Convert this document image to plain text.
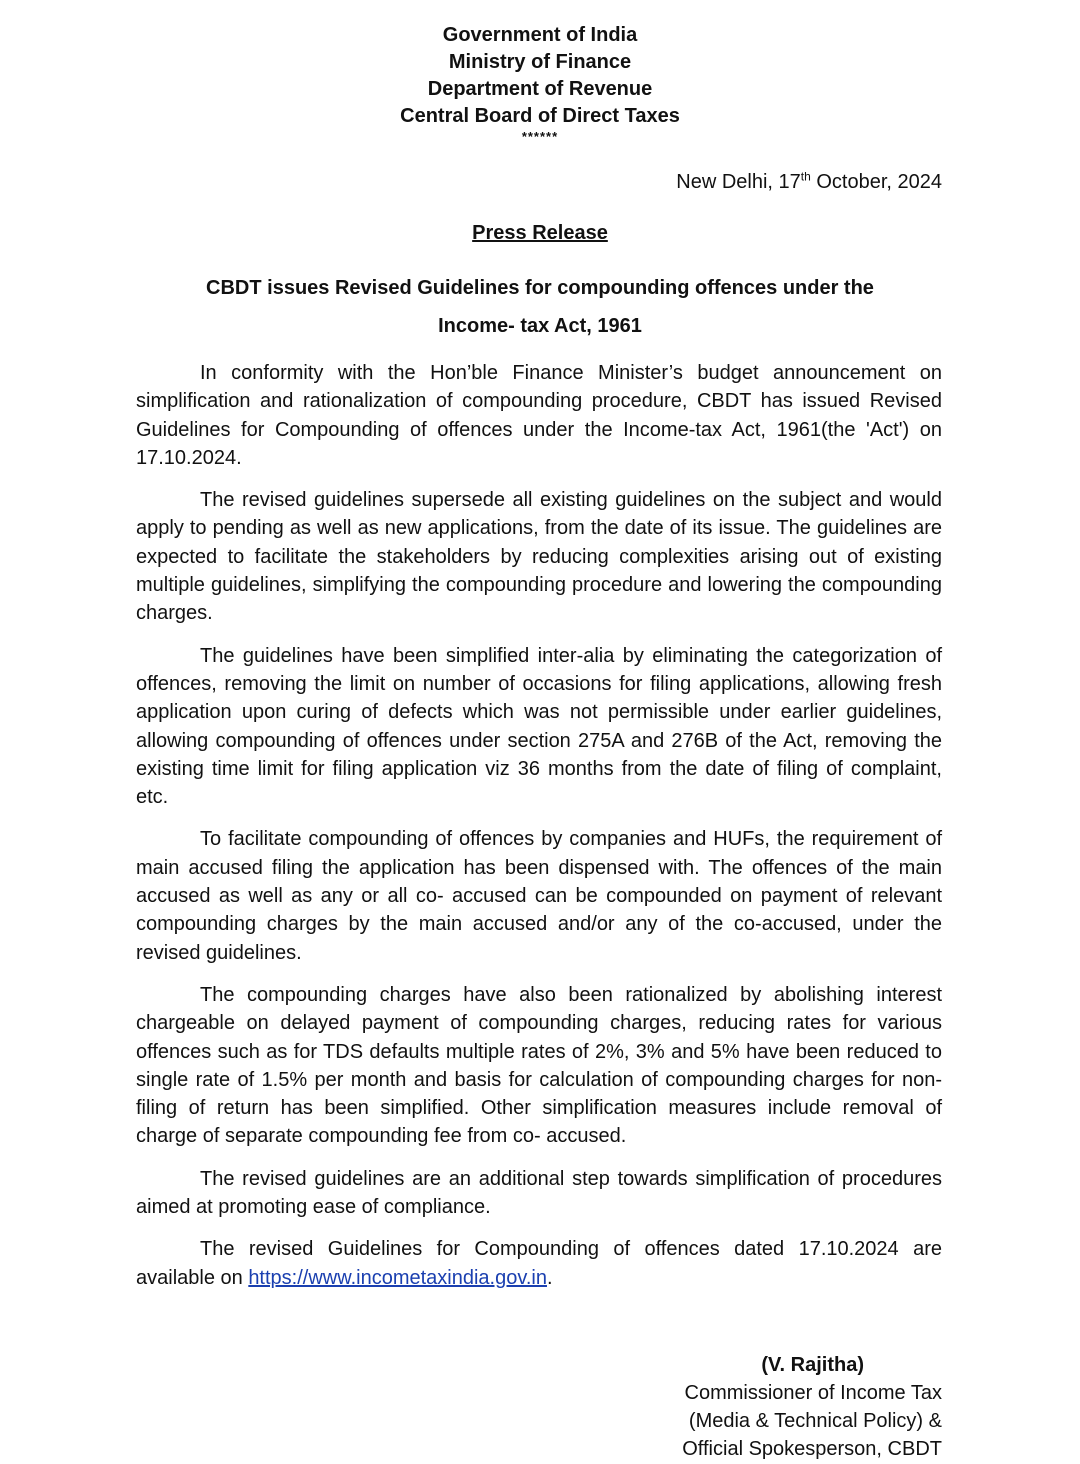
Government of India
Ministry of Finance
Department of Revenue
Central Board of Direct Taxes
******
New Delhi, 17th October, 2024
Press Release
CBDT issues Revised Guidelines for compounding offences under the
Income- tax Act, 1961

In conformity with the Hon’ble Finance Minister’s budget announcement on simplification and rationalization of compounding procedure, CBDT has issued Revised Guidelines for Compounding of offences under the Income-tax Act, 1961(the 'Act') on 17.10.2024.

The revised guidelines supersede all existing guidelines on the subject and would apply to pending as well as new applications, from the date of its issue. The guidelines are expected to facilitate the stakeholders by reducing complexities arising out of existing multiple guidelines, simplifying the compounding procedure and lowering the compounding charges.

The guidelines have been simplified inter-alia by eliminating the categorization of offences, removing the limit on number of occasions for filing applications, allowing fresh application upon curing of defects which was not permissible under earlier guidelines, allowing compounding of offences under section 275A and 276B of the Act, removing the existing time limit for filing application viz 36 months from the date of filing of complaint, etc.

To facilitate compounding of offences by companies and HUFs, the requirement of main accused filing the application has been dispensed with. The offences of the main accused as well as any or all co- accused can be compounded on payment of relevant compounding charges by the main accused and/or any of the co-accused, under the revised guidelines.

The compounding charges have also been rationalized by abolishing interest chargeable on delayed payment of compounding charges, reducing rates for various offences such as for TDS defaults multiple rates of 2%, 3% and 5% have been reduced to single rate of 1.5% per month and basis for calculation of compounding charges for non-filing of return has been simplified. Other simplification measures include removal of charge of separate compounding fee from co- accused.

The revised guidelines are an additional step towards simplification of procedures aimed at promoting ease of compliance.

The revised Guidelines for Compounding of offences dated 17.10.2024 are available on https://www.incometaxindia.gov.in.

(V. Rajitha)
Commissioner of Income Tax
(Media & Technical Policy) &
Official Spokesperson, CBDT
